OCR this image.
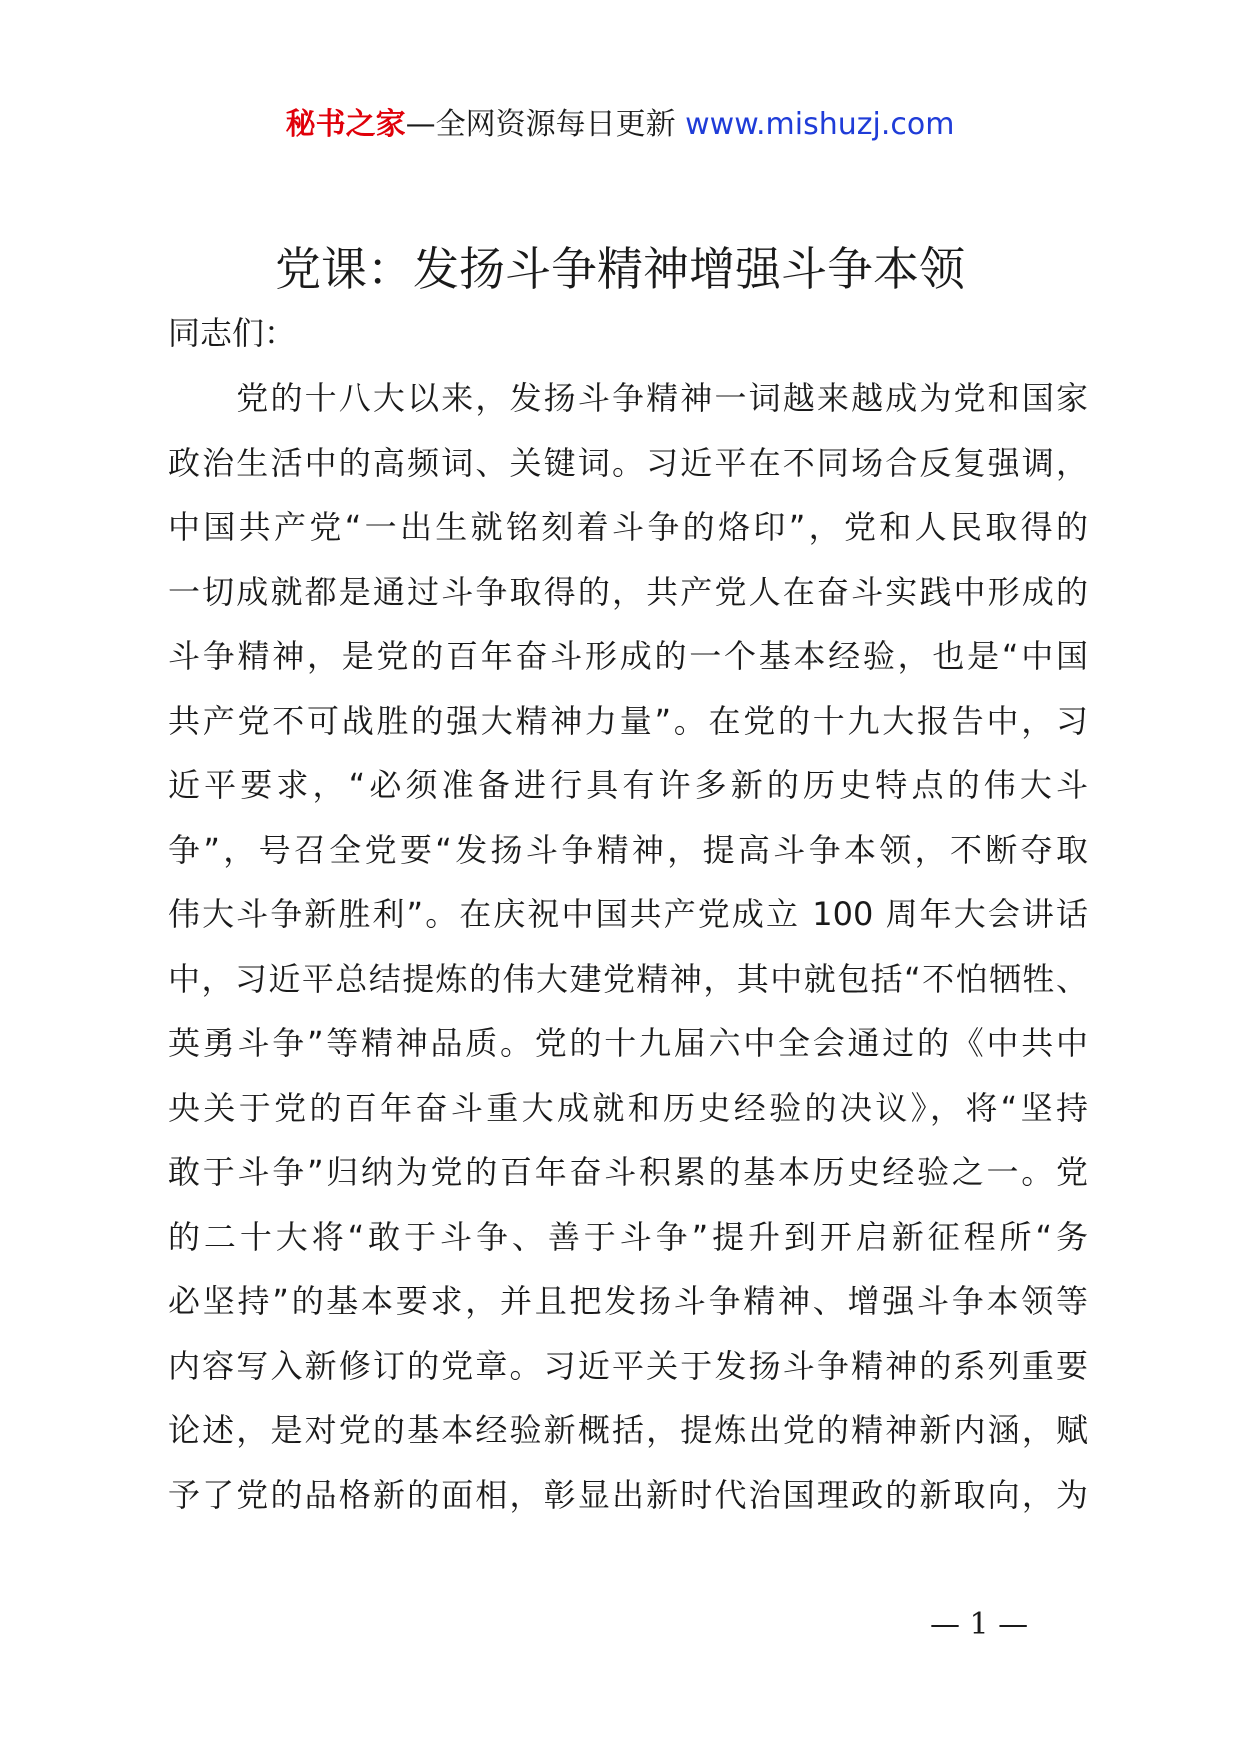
秘书之家—全网资源每日更新 www.mishuzj.com
党课：发扬斗争精神增强斗争本领
同志们：
　　党的十八大以来，发扬斗争精神一词越来越成为党和国家
政治生活中的高频词、关键词。习近平在不同场合反复强调，
中国共产党“一出生就铭刻着斗争的烙印”，党和人民取得的
一切成就都是通过斗争取得的，共产党人在奋斗实践中形成的
斗争精神，是党的百年奋斗形成的一个基本经验，也是“中国
共产党不可战胜的强大精神力量”。在党的十九大报告中，习
近平要求，“必须准备进行具有许多新的历史特点的伟大斗
争”，号召全党要“发扬斗争精神，提高斗争本领，不断夺取
伟大斗争新胜利”。在庆祝中国共产党成立 100 周年大会讲话
中，习近平总结提炼的伟大建党精神，其中就包括“不怕牺牲、
英勇斗争”等精神品质。党的十九届六中全会通过的《中共中
央关于党的百年奋斗重大成就和历史经验的决议》，将“坚持
敢于斗争”归纳为党的百年奋斗积累的基本历史经验之一。党
的二十大将“敢于斗争、善于斗争”提升到开启新征程所“务
必坚持”的基本要求，并且把发扬斗争精神、增强斗争本领等
内容写入新修订的党章。习近平关于发扬斗争精神的系列重要
论述，是对党的基本经验新概括，提炼出党的精神新内涵，赋
予了党的品格新的面相，彰显出新时代治国理政的新取向，为
— 1 —
